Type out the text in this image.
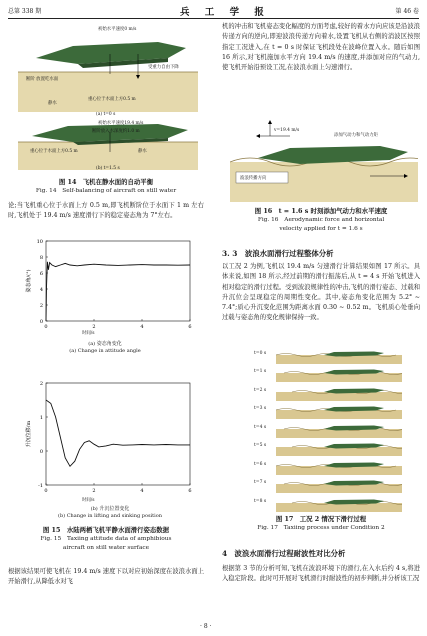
总第 338 期	兵 工 学 报	第 46 卷
初始水平速度0 m/s
受重力自由下降
断阶 放置吃水面
重心位于水面上方0.5 m
静水
(a) t=0 s
初始水平速度19.4 m/s
断阶放入水深度约1.0 m
重心位于水面上方0.5 m	静水
(b) t=1.5 s
图 14　飞机在静水面的自动平衡
Fig. 14　Self-balancing of aircraft on still water
论;当飞机重心位于水面上方 0.5 m,即飞机断阶位于水面下 1 m 左右时,飞机处于 19.4 m/s 速度滑行下的稳定姿态角为 7°左右。
0	2	4	6
0
2
4
6
8
10
姿态角/(°)
0	2	4	6
-1
0
1
2
升沉位移/m
时间/s
(a) 姿态角变化
(a) Change in attitude angle
时间/s
(b) 升沉位置变化
(b) Change in lifting and sinking position
图 15　水陆两栖飞机平静水面滑行姿态数据
Fig. 15　Taxiing attitude data of amphibious
aircraft on still water surface
根据该结果可使飞机在 19.4 m/s 速度下以对应初始深度在波浪水面上开始滑行,从降低水对飞
机的冲击和飞机姿态变化幅度的方面考虑,较好的着水方向应该是沿波浪传递方向的逆向,即迎波浪传递方向着水,设置飞机从右侧的消波区按照指定工况进入,在 t = 0 s 时保证飞机段处在波峰位置入水。随后如图 16 所示,对飞机施加水平方向 19.4 m/s 的速度,并添加对应的气动力,使飞机开始沿预设工况,在波浪水面上匀速滑行。
v=19.4 m/s
添加气动力和气动力矩
波浪传播方向
图 16　t = 1.6 s 时刻添加气动力和水平速度
Fig. 16　Aerodynamic force and horizontal
velocity applied for t = 1.6 s
3. 3　波浪水面滑行过程整体分析
以工况 2 为例,飞机以 19.4 m/s 匀速滑行计算结果如图 17 所示。具体来说,如图 18 所示,经过前期的滑行振荡后,从 t = 4 s 开始飞机进入相对稳定的滑行过程。受到波浪规律性的冲击,飞机的滑行姿态、过载和升沉位会呈现稳定的周期性变化。其中,姿态角变化范围为 5.2° ~ 7.4°;质心升沉变化范围为距离水面 0.30 ~ 0.52 m。飞机质心处垂向过载与姿态角的变化规律保持一致。
t=0 s
t=1 s
t=2 s
t=3 s
t=4 s
t=5 s
t=6 s
t=7 s
t=8 s
图 17　工况 2 情况下滑行过程
Fig. 17　Taxiing process under Condition 2
4　波浪水面滑行过程耐波性对比分析
根据第 3 节的分析可知,飞机在波浪环境下的滑行,在入水后约 4 s,将进入稳定阶段。此时可开展对飞机滑行时耐波性的初步判断,并分析该工况
· 8 ·
